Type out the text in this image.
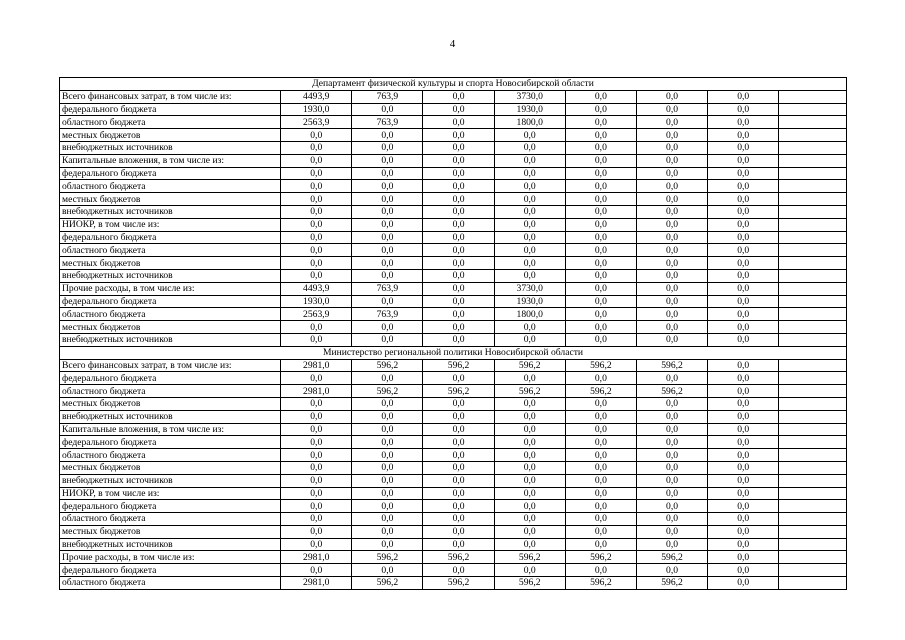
4
Департамент физической культуры и спорта Новосибирской области								
Всего финансовых затрат, в том числе из:	4493,9	763,9	0,0	3730,0	0,0	0,0	0,0	
федерального бюджета	1930,0	0,0	0,0	1930,0	0,0	0,0	0,0	
областного бюджета	2563,9	763,9	0,0	1800,0	0,0	0,0	0,0	
местных бюджетов	0,0	0,0	0,0	0,0	0,0	0,0	0,0	
внебюджетных источников	0,0	0,0	0,0	0,0	0,0	0,0	0,0	
Капитальные вложения, в том числе из:	0,0	0,0	0,0	0,0	0,0	0,0	0,0	
федерального бюджета	0,0	0,0	0,0	0,0	0,0	0,0	0,0	
областного бюджета	0,0	0,0	0,0	0,0	0,0	0,0	0,0	
местных бюджетов	0,0	0,0	0,0	0,0	0,0	0,0	0,0	
внебюджетных источников	0,0	0,0	0,0	0,0	0,0	0,0	0,0	
НИОКР, в том числе из:	0,0	0,0	0,0	0,0	0,0	0,0	0,0	
федерального бюджета	0,0	0,0	0,0	0,0	0,0	0,0	0,0	
областного бюджета	0,0	0,0	0,0	0,0	0,0	0,0	0,0	
местных бюджетов	0,0	0,0	0,0	0,0	0,0	0,0	0,0	
внебюджетных источников	0,0	0,0	0,0	0,0	0,0	0,0	0,0	
Прочие расходы, в том числе из:	4493,9	763,9	0,0	3730,0	0,0	0,0	0,0	
федерального бюджета	1930,0	0,0	0,0	1930,0	0,0	0,0	0,0	
областного бюджета	2563,9	763,9	0,0	1800,0	0,0	0,0	0,0	
местных бюджетов	0,0	0,0	0,0	0,0	0,0	0,0	0,0	
внебюджетных источников	0,0	0,0	0,0	0,0	0,0	0,0	0,0	
Министерство региональной политики Новосибирской области								
Всего финансовых затрат, в том числе из:	2981,0	596,2	596,2	596,2	596,2	596,2	0,0	
федерального бюджета	0,0	0,0	0,0	0,0	0,0	0,0	0,0	
областного бюджета	2981,0	596,2	596,2	596,2	596,2	596,2	0,0	
местных бюджетов	0,0	0,0	0,0	0,0	0,0	0,0	0,0	
внебюджетных источников	0,0	0,0	0,0	0,0	0,0	0,0	0,0	
Капитальные вложения, в том числе из:	0,0	0,0	0,0	0,0	0,0	0,0	0,0	
федерального бюджета	0,0	0,0	0,0	0,0	0,0	0,0	0,0	
областного бюджета	0,0	0,0	0,0	0,0	0,0	0,0	0,0	
местных бюджетов	0,0	0,0	0,0	0,0	0,0	0,0	0,0	
внебюджетных источников	0,0	0,0	0,0	0,0	0,0	0,0	0,0	
НИОКР, в том числе из:	0,0	0,0	0,0	0,0	0,0	0,0	0,0	
федерального бюджета	0,0	0,0	0,0	0,0	0,0	0,0	0,0	
областного бюджета	0,0	0,0	0,0	0,0	0,0	0,0	0,0	
местных бюджетов	0,0	0,0	0,0	0,0	0,0	0,0	0,0	
внебюджетных источников	0,0	0,0	0,0	0,0	0,0	0,0	0,0	
Прочие расходы, в том числе из:	2981,0	596,2	596,2	596,2	596,2	596,2	0,0	
федерального бюджета	0,0	0,0	0,0	0,0	0,0	0,0	0,0	
областного бюджета	2981,0	596,2	596,2	596,2	596,2	596,2	0,0	
